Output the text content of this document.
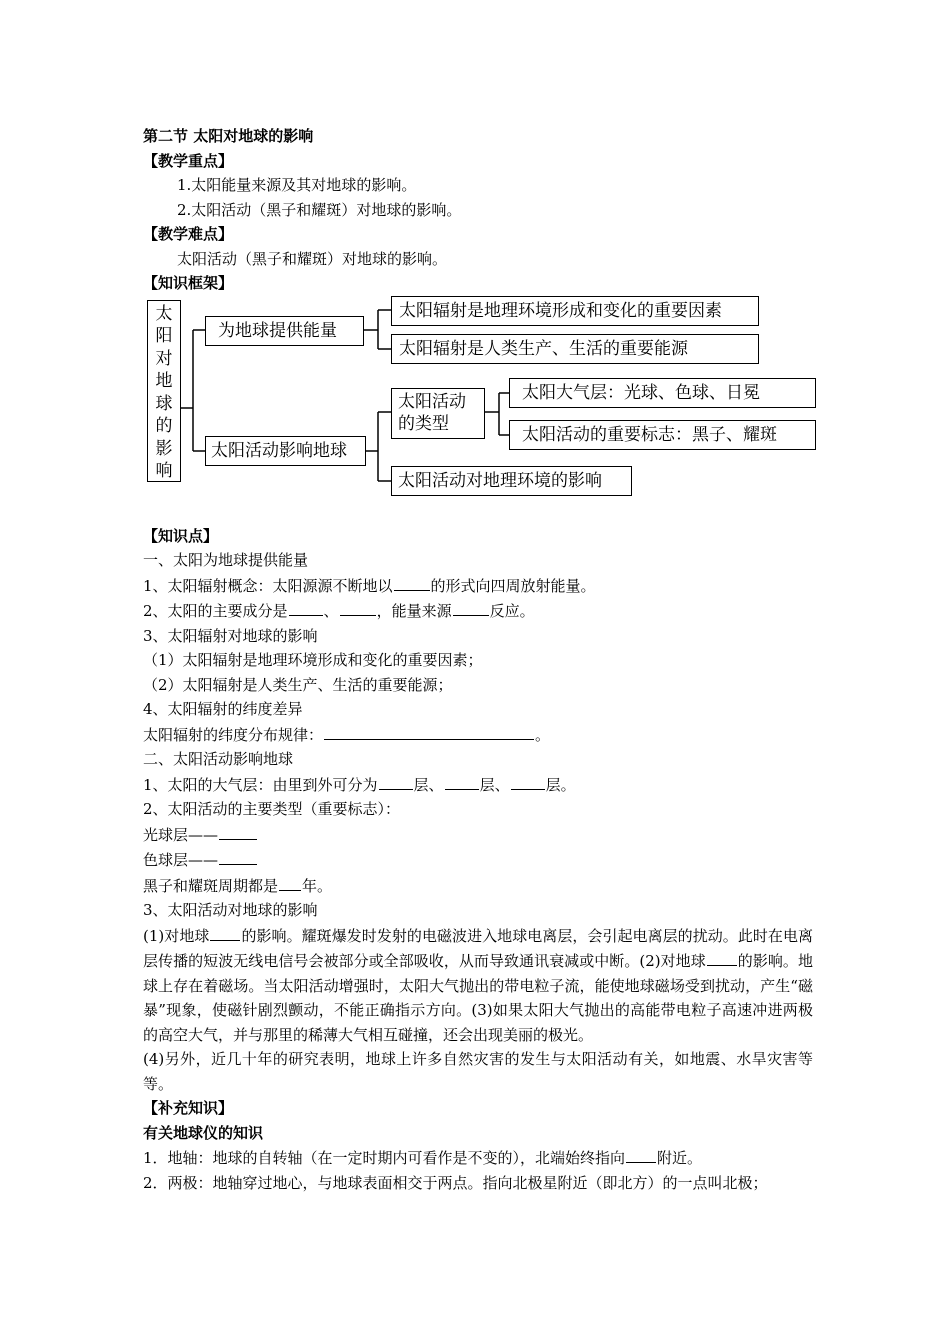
第二节 太阳对地球的影响
【教学重点】
1.太阳能量来源及其对地球的影响。
2.太阳活动（黑子和耀斑）对地球的影响。
【教学难点】
太阳活动（黑子和耀斑）对地球的影响。
【知识框架】
太阳对地球的影响
为地球提供能量
太阳辐射是地理环境形成和变化的重要因素
太阳辐射是人类生产、生活的重要能源
太阳活动影响地球
太阳活动的类型
太阳大气层：光球、色球、日冕
太阳活动的重要标志：黑子、耀斑
太阳活动对地理环境的影响
【知识点】
一、太阳为地球提供能量
1、太阳辐射概念：太阳源源不断地以	的形式向四周放射能量。
2、太阳的主要成分是 、	，能量来源	反应。
3、太阳辐射对地球的影响
（1）太阳辐射是地理环境形成和变化的重要因素；
（2）太阳辐射是人类生产、生活的重要能源；
4、太阳辐射的纬度差异
太阳辐射的纬度分布规律：	。
二、太阳活动影响地球
1、太阳的大气层：由里到外可分为 层、 层、 层。
2、太阳活动的主要类型（重要标志）：
光球层——
色球层——
黑子和耀斑周期都是 年。
3、太阳活动对地球的影响
(1)对地球 的影响。耀斑爆发时发射的电磁波进入地球电离层，会引起电离层的扰动。此时在电离层传播的短波无线电信号会被部分或全部吸收，从而导致通讯衰减或中断。(2)对地球 的影响。地球上存在着磁场。当太阳活动增强时，太阳大气抛出的带电粒子流，能使地球磁场受到扰动，产生“磁暴”现象，使磁针剧烈颤动，不能正确指示方向。(3)如果太阳大气抛出的高能带电粒子高速冲进两极的高空大气，并与那里的稀薄大气相互碰撞，还会出现美丽的极光。
(4)另外，近几十年的研究表明，地球上许多自然灾害的发生与太阳活动有关，如地震、水旱灾害等等。
【补充知识】
有关地球仪的知识
1．地轴：地球的自转轴（在一定时期内可看作是不变的），北端始终指向 附近。
2．两极：地轴穿过地心，与地球表面相交于两点。指向北极星附近（即北方）的一点叫北极；
